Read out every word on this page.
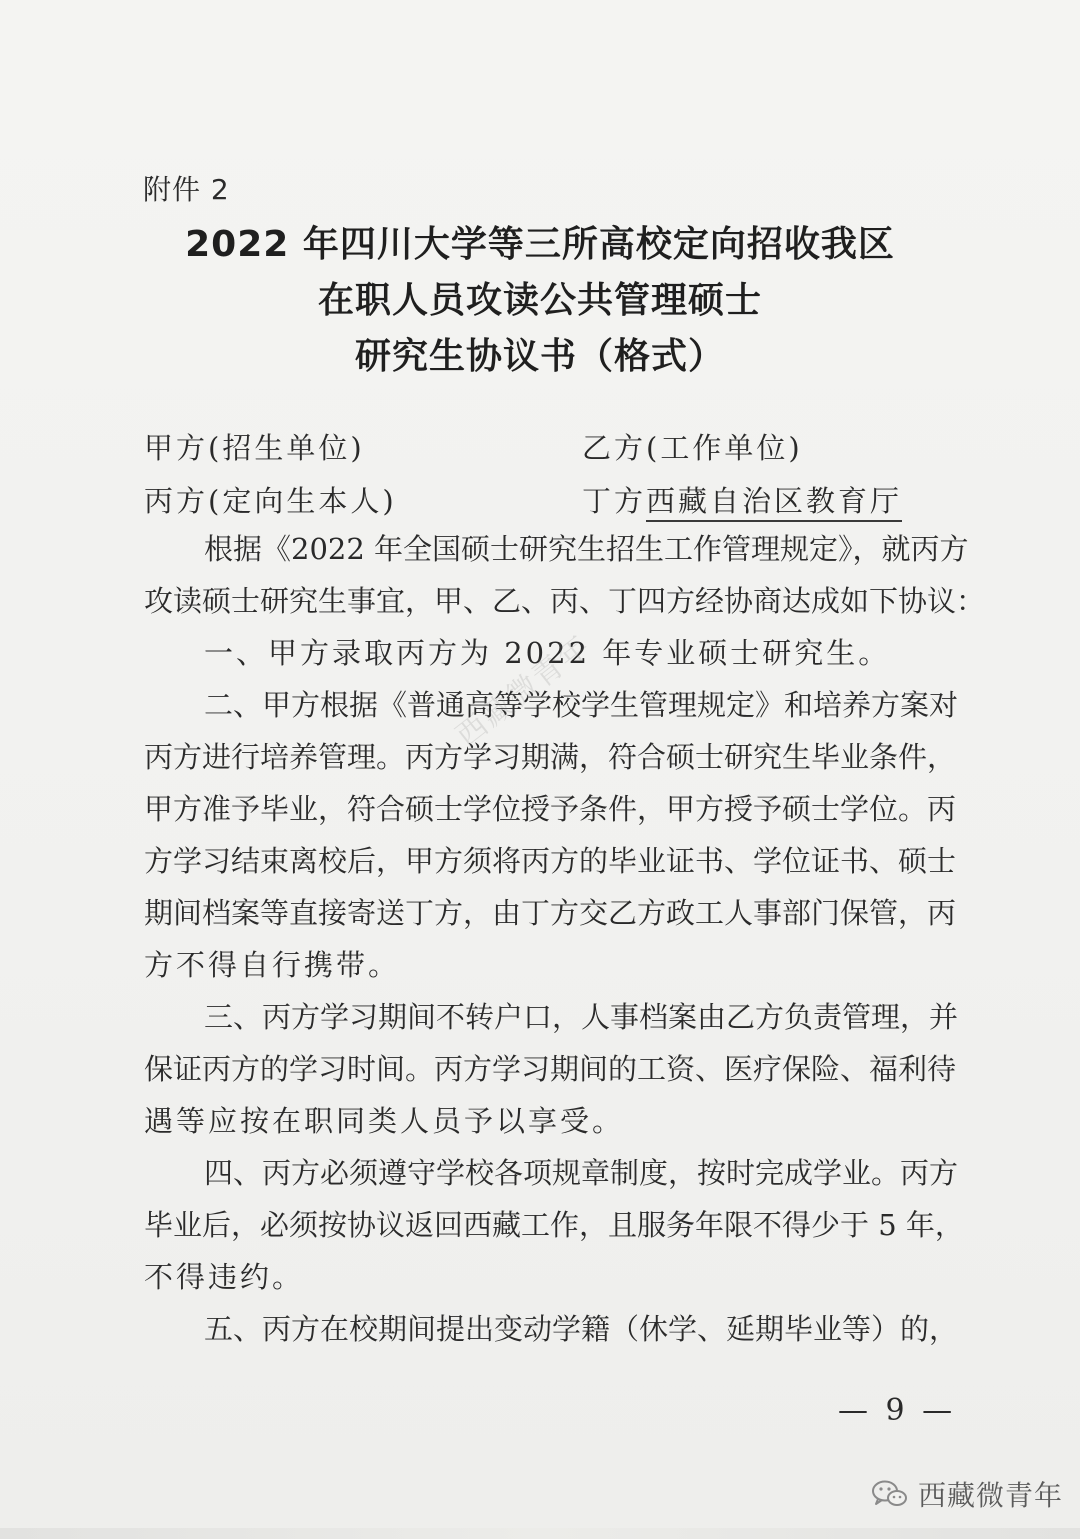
附件 2
2022 年四川大学等三所高校定向招收我区
在职人员攻读公共管理硕士
研究生协议书（格式）
甲方(招生单位)	乙方(工作单位)
丙方(定向生本人)	丁方西藏自治区教育厅
根据《2022 年全国硕士研究生招生工作管理规定》，就丙方
攻读硕士研究生事宜，甲、乙、丙、丁四方经协商达成如下协议：
一、甲方录取丙方为 2022 年专业硕士研究生。
二、甲方根据《普通高等学校学生管理规定》和培养方案对
丙方进行培养管理。丙方学习期满，符合硕士研究生毕业条件，
甲方准予毕业，符合硕士学位授予条件，甲方授予硕士学位。丙
方学习结束离校后，甲方须将丙方的毕业证书、学位证书、硕士
期间档案等直接寄送丁方，由丁方交乙方政工人事部门保管，丙
方不得自行携带。
三、丙方学习期间不转户口，人事档案由乙方负责管理，并
保证丙方的学习时间。丙方学习期间的工资、医疗保险、福利待
遇等应按在职同类人员予以享受。
四、丙方必须遵守学校各项规章制度，按时完成学业。丙方
毕业后，必须按协议返回西藏工作，且服务年限不得少于 5 年，
不得违约。
五、丙方在校期间提出变动学籍（休学、延期毕业等）的，
西藏微青年
— 9 —
西藏微青年
